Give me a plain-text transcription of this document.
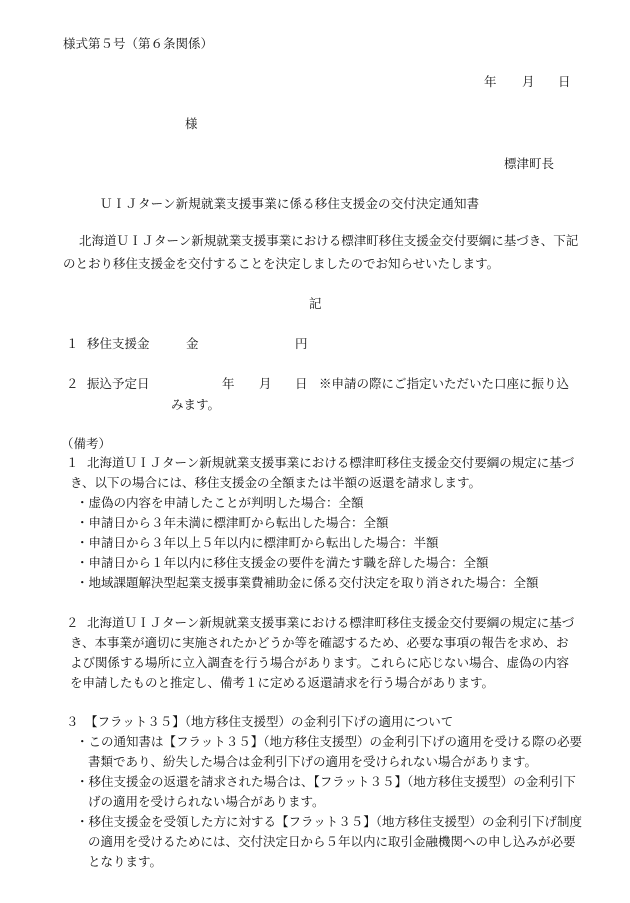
様式第５号（第６条関係）
年 月 日
様
標津町長
ＵＩＪターン新規就業支援事業に係る移住支援金の交付決定通知書
北海道ＵＩＪターン新規就業支援事業における標津町移住支援金交付要綱に基づき、下記
のとおり移住支援金を交付することを決定しましたのでお知らせいたします。
記
１ 移住支援金	金	円
２ 振込予定日	年 月 日 ※申請の際にご指定いただいた口座に振り込
みます。
（備考）
１ 北海道ＵＩＪターン新規就業支援事業における標津町移住支援金交付要綱の規定に基づ
き、以下の場合には、移住支援金の全額または半額の返還を請求します。
・虚偽の内容を申請したことが判明した場合：全額
・申請日から３年未満に標津町から転出した場合：全額
・申請日から３年以上５年以内に標津町から転出した場合：半額
・申請日から１年以内に移住支援金の要件を満たす職を辞した場合：全額
・地域課題解決型起業支援事業費補助金に係る交付決定を取り消された場合：全額
２ 北海道ＵＩＪターン新規就業支援事業における標津町移住支援金交付要綱の規定に基づ
き、本事業が適切に実施されたかどうか等を確認するため、必要な事項の報告を求め、お
よび関係する場所に立入調査を行う場合があります。これらに応じない場合、虚偽の内容
を申請したものと推定し、備考１に定める返還請求を行う場合があります。
３ 【フラット３５】（地方移住支援型）の金利引下げの適用について
・この通知書は【フラット３５】（地方移住支援型）の金利引下げの適用を受ける際の必要
書類であり、紛失した場合は金利引下げの適用を受けられない場合があります。
・移住支援金の返還を請求された場合は、【フラット３５】（地方移住支援型）の金利引下
げの適用を受けられない場合があります。
・移住支援金を受領した方に対する【フラット３５】（地方移住支援型）の金利引下げ制度
の適用を受けるためには、交付決定日から５年以内に取引金融機関への申し込みが必要
となります。
